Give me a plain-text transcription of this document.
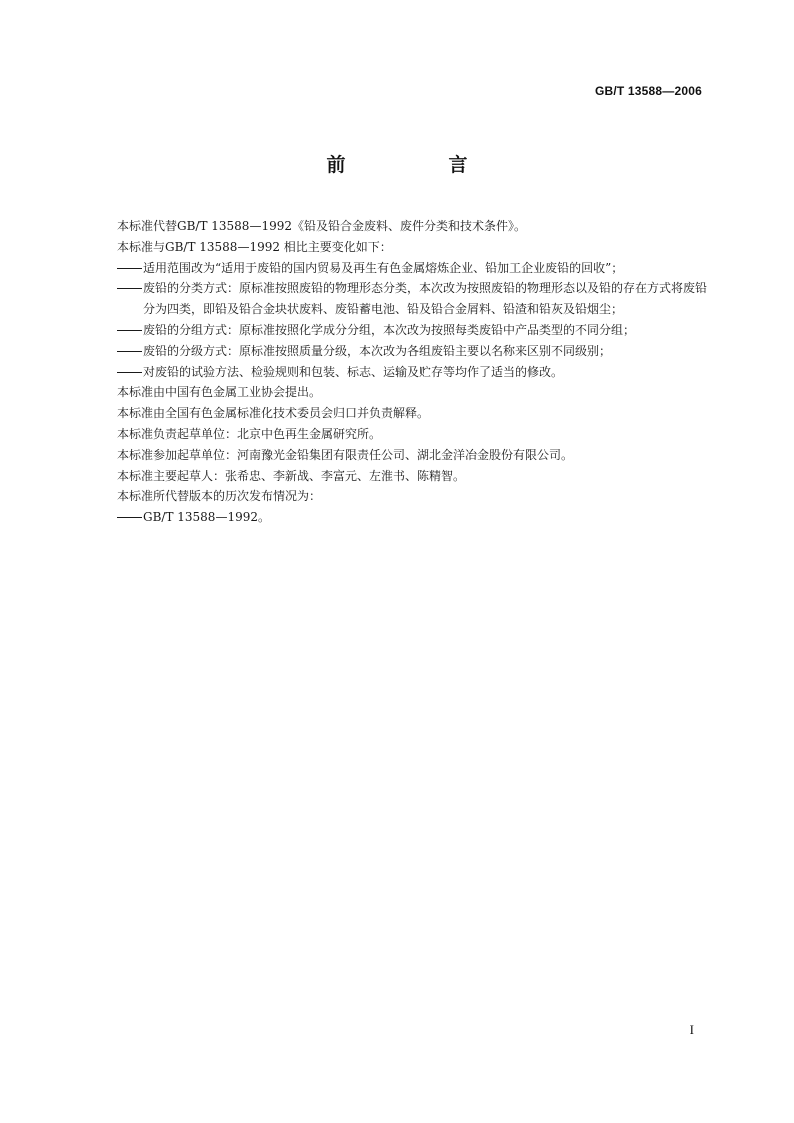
GB/T 13588—2006
前　言
本标准代替GB/T 13588—1992《铅及铅合金废料、废件分类和技术条件》。
本标准与GB/T 13588—1992 相比主要变化如下：
适用范围改为“适用于废铅的国内贸易及再生有色金属熔炼企业、铅加工企业废铅的回收”；
废铅的分类方式：原标准按照废铅的物理形态分类，本次改为按照废铅的物理形态以及铅的存在方式将废铅分为四类，即铅及铅合金块状废料、废铅蓄电池、铅及铅合金屑料、铅渣和铅灰及铅烟尘；
废铅的分组方式：原标准按照化学成分分组，本次改为按照每类废铅中产品类型的不同分组；
废铅的分级方式：原标准按照质量分级，本次改为各组废铅主要以名称来区别不同级别；
对废铅的试验方法、检验规则和包装、标志、运输及贮存等均作了适当的修改。
本标准由中国有色金属工业协会提出。
本标准由全国有色金属标准化技术委员会归口并负责解释。
本标准负责起草单位：北京中色再生金属研究所。
本标准参加起草单位：河南豫光金铅集团有限责任公司、湖北金洋冶金股份有限公司。
本标准主要起草人：张希忠、李新战、李富元、左淮书、陈精智。
本标准所代替版本的历次发布情况为：
GB/T 13588—1992。
I
